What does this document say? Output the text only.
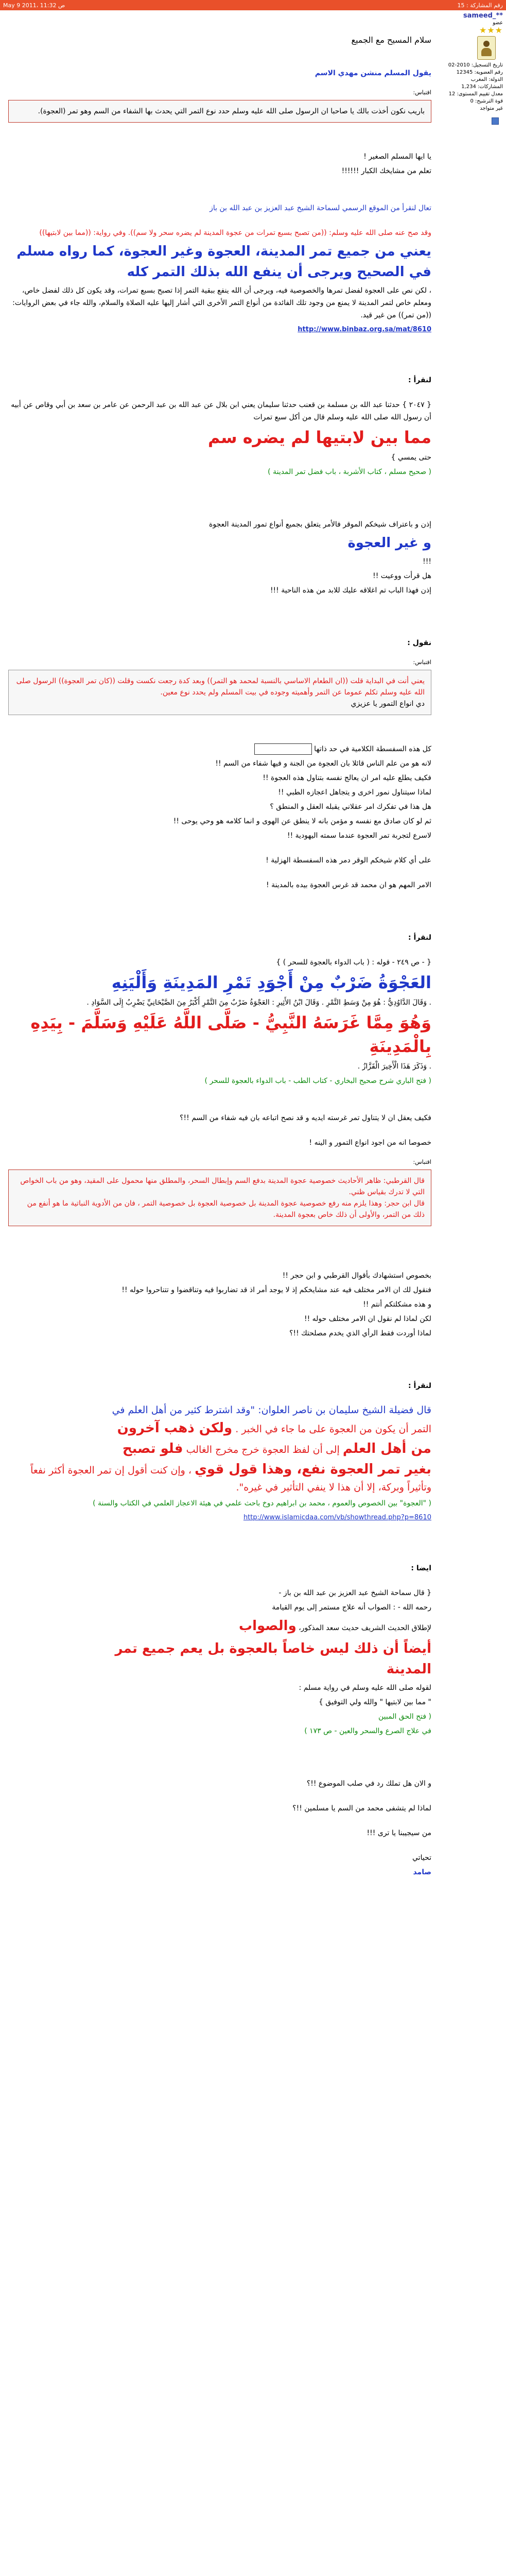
رقم المشاركة : 15
May 9 2011، 11:32 ص
sameed_**
عضو
★★★
تاريخ التسجيل: 2010-02
رقم العضوية: 12345
الدولة: المغرب
المشاركات: 1,234
معدل تقييم المستوى: 12
قوة الترشيح: 0
غير متواجد

سلام المسيح مع الجميع

يقول المسلم منشن مهدي الاسم

اقتباس:
باريب نكون أخذت بالك يا صاحبا ان الرسول صلى الله عليه وسلم حدد نوع التمر التي يحدث بها الشفاء من السم وهو تمر (العجوة).

يا ايها المسلم الصغير !

تعلم من مشايخك الكبار !!!!!!

تعال لنقرأ من الموقع الرسمي لسماحة الشيخ عبد العزيز بن عبد الله بن باز

وقد صح عنه صلى الله عليه وسلم: ((من تصبح بسبع تمرات من عجوة المدينة لم يضره سحر ولا سم)). وفي رواية: ((مما بين لابتيها))

يعني من جميع تمر المدينة، العجوة وغير العجوة، كما رواه مسلم في الصحيح ويرجى أن ينفع الله بذلك التمر كله

، لكن نص على العجوة لفضل تمرها والخصوصية فيه، ويرجى أن الله ينفع ببقية التمر إذا تصبح بسبع تمرات، وقد يكون كل ذلك لفضل خاص، ومعلم خاص لتمر المدينة لا يمنع من وجود تلك الفائدة من أنواع التمر الأخرى التي أشار إليها عليه الصلاة والسلام، والله جاء في بعض الروايات: ((من تمر)) من غير قيد.

http://www.binbaz.org.sa/mat/8610

لنقرأ :

{ ٢٠٤٧ } حدثنا عبد الله بن مسلمة بن قعنب حدثنا سليمان يعني ابن بلال عن عبد الله بن عبد الرحمن عن عامر بن سعد بن أبي وقاص عن أبيه أن رسول الله صلى الله عليه وسلم قال من أكل سبع تمرات

مما بين لابتيها لم يضره سم

حتى يمسي }

( صحيح مسلم ، كتاب الأشربة ، باب فضل تمر المدينة )

إذن و باعتراف شيخكم الموقر فالأمر يتعلق بجميع أنواع تمور المدينة العجوة

و غير العجوة

!!!

هل قرأت ووعيت !!

إذن فهذا الباب تم اغلاقه عليك للابد من هذه الناحية !!!

نقول :

اقتباس:
يعني أنت في البداية قلت ((ان الطعام الاساسي بالنسبة لمحمد هو التمر)) وبعد كدة رجعت نكست وقلت ((كان تمر العجوة)) الرسول صلى الله عليه وسلم تكلم عموما عن التمر وأهميته وجوده في بيت المسلم ولم يحدد نوع معين.
دي انواع التمور يا عزيزي

كل هذه السفسطة الكلامية في حد ذاتها

لانه هو من علم الناس قائلا بان العجوة من الجنة و فيها شفاء من السم !!

فكيف يطلع عليه امر ان يعالج نفسه بتناول هذه العجوة !!

لماذا سيتناول نمور اخرى و يتجاهل اعجازه الطبي !!

هل هذا في تفكرك امر عقلاني يقبله العقل و المنطق ؟

ثم لو كان صادق مع نفسه و مؤمن بانه لا ينطق عن الهوى و انما كلامه هو وحي يوحى !!

لاسرع لتجربة تمر العجوة عندما سمته اليهودية !!

على أي كلام شيخكم الوقر دمر هذه السفسطة الهزلية !

الامر المهم هو ان محمد قد غرس العجوة بيده بالمدينة !

لنقرأ :

{ - ص ٢٤٩ - قوله : ( باب الدواء بالعجوة للسحر ) }

العَجْوَةُ ضَرْبٌ مِنْ أَجْوَدِ تَمْرِ المَدِينَةِ وَأَلْيَنِهِ

. وَقَالَ الدَّاوُدِيُّ : هُوَ مِنْ وَسَطِ التَّمْرِ . وَقَالَ ابْنُ الأَثِيرِ : العَجْوَةُ ضَرْبٌ مِنَ التَّمْرِ أَكْبَرُ مِنَ الصَّيْحَانِيِّ يَضْرِبُ إِلَى السَّوَادِ .

وَهُوَ مِمَّا غَرَسَهُ النَّبِيُّ - صَلَّى اللَّهُ عَلَيْهِ وَسَلَّمَ - بِيَدِهِ بِالْمَدِينَةِ

. وَذَكَرَ هَذَا الْأَخِيرَ الْقَزَّازُ .

( فتح الباري شرح صحيح البخاري - كتاب الطب - باب الدواء بالعجوة للسحر )

فكيف يعقل ان لا يتناول تمر غرسته ايديه و قد نصح اتباعه بان فيه شفاء من السم !!؟

خصوصا انه من اجود انواع التمور و الينه !

اقتباس:
قال القرطبي: ظاهر الأحاديث خصوصية عجوة المدينة بدفع السم وإبطال السحر، والمطلق منها محمول على المقيد، وهو من باب الخواص التي لا تدرك بقياس ظني.
قال ابن حجر: وهذا يلزم منه رفع خصوصية عجوة المدينة بل خصوصية العجوة بل خصوصية التمر ، فان من الأدوية النباتية ما هو أنفع من ذلك من التمر، والأولى أن ذلك خاص بعجوة المدينة.

بخصوص استشهادك بأقوال القرطبي و ابن حجر !!

فنقول لك ان الامر مختلف فيه عند مشايخكم إذ لا يوجد أمر اذ قد تضاربوا فيه وتناقضوا و تتناحروا حوله !!

و هذه مشكلتكم أنتم !!

لكن لماذا لم نقول ان الامر مختلف حوله !!

لماذا أوردت فقط الرأي الذي يخدم مصلحتك !!؟

لنقرأ :

قال فضيلة الشيخ سليمان بن ناصر العلوان: "وقد اشترط كثير من أهل العلم في

التمر أن يكون من العجوة على ما جاء في الخبر . ولكن ذهب آخرون

من أهل العلم إلى أن لفظ العجوة خرج مخرج الغالب فلو تصبح

بغير تمر العجوة نفع، وهذا قول قوي ، وإن كنت أقول إن تمر العجوة أكثر نفعاً وتأثيراً وبركة، إلا أن هذا لا ينفي التأثير في غيره".

( "العجوة" بين الخصوص والعموم ، محمد بن ابراهيم دوخ باحث علمي في هيئة الاعجاز العلمي في الكتاب والسنة )

http://www.islamicdaa.com/vb/showthread.php?p=8610

ايضا :

{ قال سماحة الشيخ عبد العزيز بن عبد الله بن باز -

رحمه الله - : الصواب أنه علاج مستمر إلى يوم القيامة

لإطلاق الحديث الشريف حديث سعد المذكور، والصواب

أيضاً أن ذلك ليس خاصاً بالعجوة بل يعم جميع تمر

المدينة

لقوله صلى الله عليه وسلم في رواية مسلم :

" مما بين لابتيها " والله ولي التوفيق }

( فتح الحق المبين

في علاج الصرع والسحر والعين - ص ١٧٣ )

و الان هل تملك رد في صلب الموضوع !!؟

لماذا لم يتشفى محمد من السم يا مسلمين !!؟

من سيجيبنا يا ترى !!!

تحياتي

صامد
